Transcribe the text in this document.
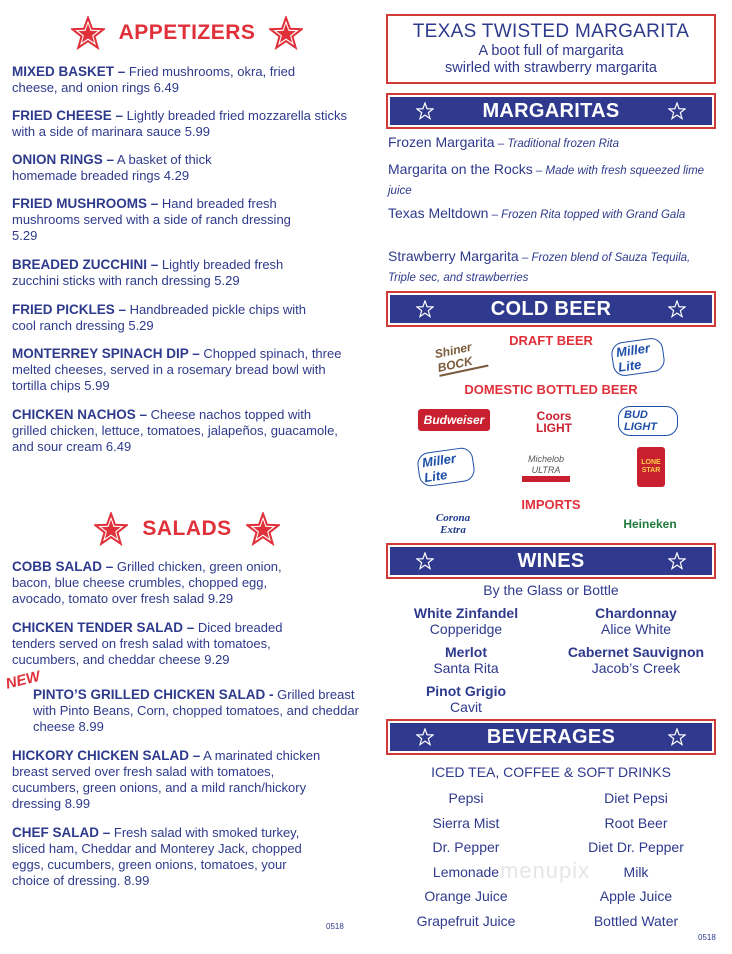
APPETIZERS
MIXED BASKET – Fried mushrooms, okra, fried cheese, and onion rings 6.49
FRIED CHEESE – Lightly breaded fried mozzarella sticks with a side of marinara sauce 5.99
ONION RINGS – A basket of thick homemade breaded rings 4.29
FRIED MUSHROOMS – Hand breaded fresh mushrooms served with a side of ranch dressing 5.29
BREADED ZUCCHINI – Lightly breaded fresh zucchini sticks with ranch dressing 5.29
FRIED PICKLES – Handbreaded pickle chips with cool ranch dressing 5.29
MONTERREY SPINACH DIP – Chopped spinach, three melted cheeses, served in a rosemary bread bowl with tortilla chips 5.99
CHICKEN NACHOS – Cheese nachos topped with grilled chicken, lettuce, tomatoes, jalapeños, guacamole, and sour cream 6.49
SALADS
COBB SALAD – Grilled chicken, green onion, bacon, blue cheese crumbles, chopped egg, avocado, tomato over fresh salad 9.29
CHICKEN TENDER SALAD – Diced breaded tenders served on fresh salad with tomatoes, cucumbers, and cheddar cheese 9.29
PINTO’S GRILLED CHICKEN SALAD - Grilled breast with Pinto Beans, Corn, chopped tomatoes, and cheddar cheese 8.99
HICKORY CHICKEN SALAD – A marinated chicken breast served over fresh salad with tomatoes, cucumbers, green onions, and a mild ranch/hickory dressing 8.99
CHEF SALAD – Fresh salad with smoked turkey, sliced ham, Cheddar and Monterey Jack, chopped eggs, cucumbers, green onions, tomatoes, your choice of dressing. 8.99
0518
NEW
TEXAS TWISTED MARGARITA
A boot full of margarita
swirled with strawberry margarita
MARGARITAS
Frozen Margarita – Traditional frozen Rita
Margarita on the Rocks – Made with fresh squeezed lime juice
Texas Meltdown – Frozen Rita topped with Grand Gala
Strawberry Margarita – Frozen blend of Sauza Tequila, Triple sec, and strawberries
COLD BEER
DRAFT BEER
Shiner BOCK
Miller Lite
DOMESTIC BOTTLED BEER
Budweiser	Coors LIGHT
BUD LIGHT
Miller Lite
Michelob ULTRA
LONE STAR
IMPORTS
Corona Extra	Heineken
WINES
By the Glass or Bottle
White Zinfandel
Copperidge
Chardonnay
Alice White
Merlot
Santa Rita
Cabernet Sauvignon
Jacob’s Creek
Pinot Grigio
Cavit
BEVERAGES
ICED TEA, COFFEE & SOFT DRINKS
Pepsi	Diet Pepsi
Sierra Mist	Root Beer
Dr. Pepper	Diet Dr. Pepper
Lemonade	Milk
Orange Juice	Apple Juice
Grapefruit Juice	Bottled Water
menupix
0518
